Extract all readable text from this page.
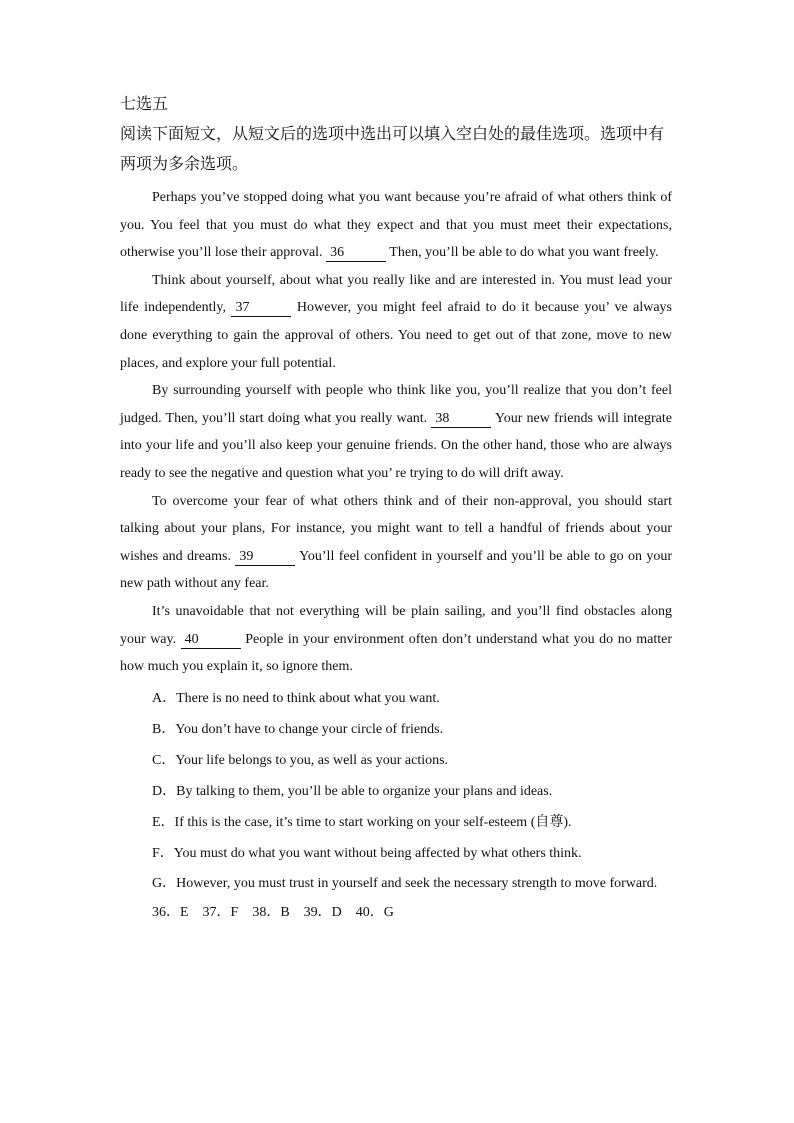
七选五

阅读下面短文，从短文后的选项中选出可以填入空白处的最佳选项。选项中有两项为多余选项。

Perhaps you’ve stopped doing what you want because you’re afraid of what others think of you. You feel that you must do what they expect and that you must meet their expectations, otherwise you’ll lose their approval. 36	Then, you’ll be able to do what you want freely.

Think about yourself, about what you really like and are interested in. You must lead your life independently, 37	However, you might feel afraid to do it because you’ ve always done everything to gain the approval of others. You need to get out of that zone, move to new places, and explore your full potential.

By surrounding yourself with people who think like you, you’ll realize that you don’t feel judged. Then, you’ll start doing what you really want. 38	Your new friends will integrate into your life and you’ll also keep your genuine friends. On the other hand, those who are always ready to see the negative and question what you’ re trying to do will drift away.

To overcome your fear of what others think and of their non-approval, you should start talking about your plans, For instance, you might want to tell a handful of friends about your wishes and dreams. 39	You’ll feel confident in yourself and you’ll be able to go on your new path without any fear.

It’s unavoidable that not everything will be plain sailing, and you’ll find obstacles along your way. 40	People in your environment often don’t understand what you do no matter how much you explain it, so ignore them.

A．There is no need to think about what you want.

B．You don’t have to change your circle of friends.

C．Your life belongs to you, as well as your actions.

D．By talking to them, you’ll be able to organize your plans and ideas.

E．If this is the case, it’s time to start working on your self-esteem (自尊).

F．You must do what you want without being affected by what others think.

G．However, you must trust in yourself and seek the necessary strength to move forward.

36．E　37．F　38．B　39．D　40．G
